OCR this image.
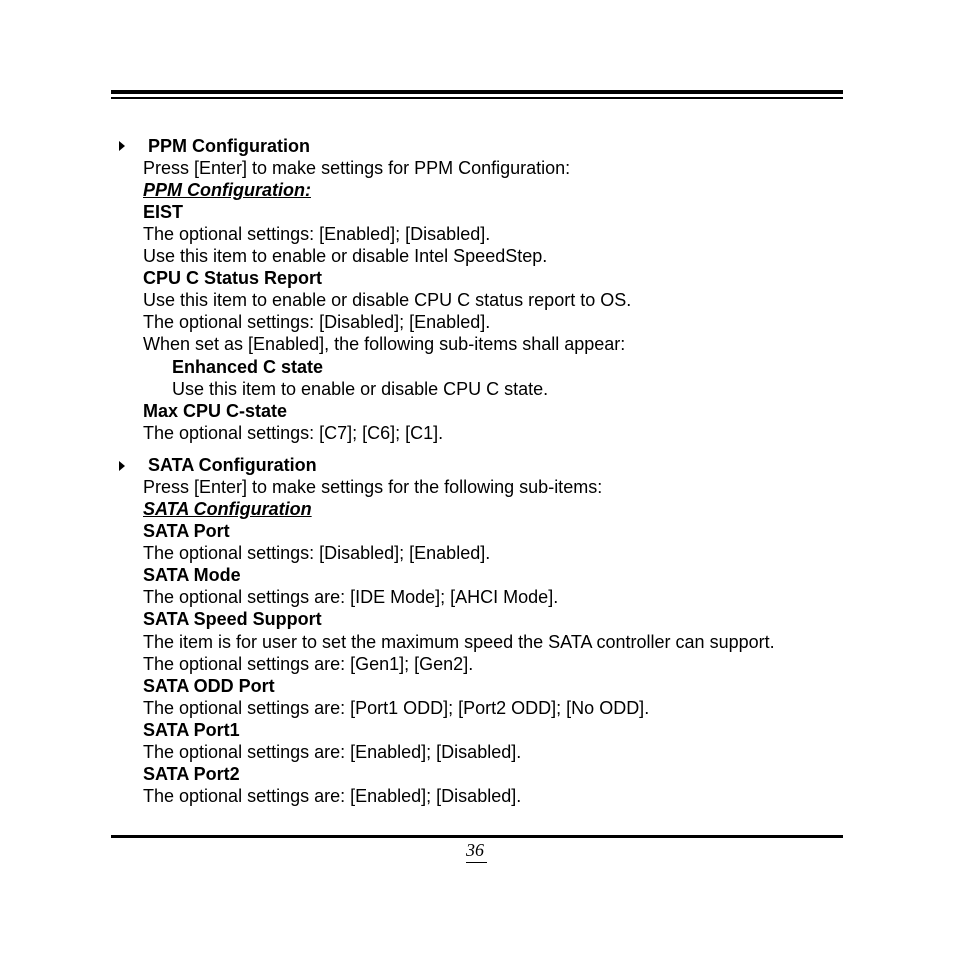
PPM Configuration
Press [Enter] to make settings for PPM Configuration:
PPM Configuration:
EIST
The optional settings: [Enabled]; [Disabled].
Use this item to enable or disable Intel SpeedStep.
CPU C Status Report
Use this item to enable or disable CPU C status report to OS.
The optional settings: [Disabled]; [Enabled].
When set as [Enabled], the following sub-items shall appear:
Enhanced C state
Use this item to enable or disable CPU C state.
Max CPU C-state
The optional settings: [C7]; [C6]; [C1].
SATA Configuration
Press [Enter] to make settings for the following sub-items:
SATA Configuration
SATA Port
The optional settings: [Disabled]; [Enabled].
SATA Mode
The optional settings are: [IDE Mode]; [AHCI Mode].
SATA Speed Support
The item is for user to set the maximum speed the SATA controller can support.
The optional settings are: [Gen1]; [Gen2].
SATA ODD Port
The optional settings are: [Port1 ODD]; [Port2 ODD]; [No ODD].
SATA Port1
The optional settings are: [Enabled]; [Disabled].
SATA Port2
The optional settings are: [Enabled]; [Disabled].
36
